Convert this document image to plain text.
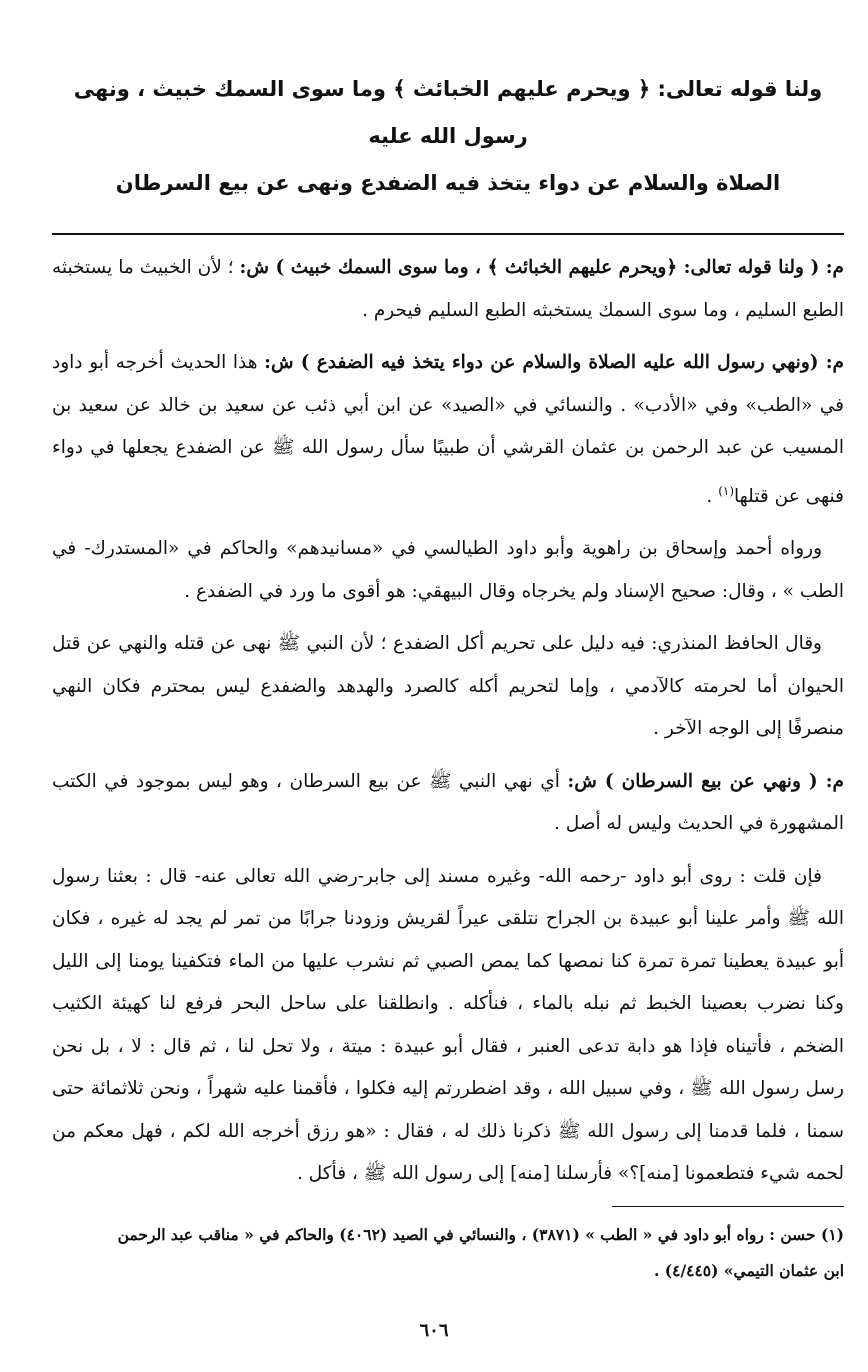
ولنا قوله تعالى: ﴿ ويحرم عليهم الخبائث ﴾ وما سوى السمك خبيث ، ونهى رسول الله عليه
الصلاة والسلام عن دواء يتخذ فيه الضفدع ونهى عن بيع السرطان

م: ( ولنا قوله تعالى: ﴿ويحرم عليهم الخبائث ﴾ ، وما سوى السمك خبيث ) ش: ؛ لأن الخبيث ما يستخبثه الطبع السليم ، وما سوى السمك يستخبثه الطبع السليم فيحرم .

م: (ونهي رسول الله عليه الصلاة والسلام عن دواء يتخذ فيه الضفدع ) ش: هذا الحديث أخرجه أبو داود في «الطب» وفي «الأدب» . والنسائي في «الصيد» عن ابن أبي ذئب عن سعيد بن خالد عن سعيد بن المسيب عن عبد الرحمن بن عثمان القرشي أن طبيبًا سأل رسول الله ﷺ عن الضفدع يجعلها في دواء فنهى عن قتلها$^{(١)}$ .

ورواه أحمد وإسحاق بن راهوية وأبو داود الطيالسي في «مسانيدهم» والحاكم في «المستدرك- في الطب » ، وقال: صحيح الإسناد ولم يخرجاه وقال البيهقي: هو أقوى ما ورد في الضفدع .

وقال الحافظ المنذري: فيه دليل على تحريم أكل الضفدع ؛ لأن النبي ﷺ نهى عن قتله والنهي عن قتل الحيوان أما لحرمته كالآدمي ، وإما لتحريم أكله كالصرد والهدهد والضفدع ليس بمحترم فكان النهي منصرفًا إلى الوجه الآخر .

م: ( ونهي عن بيع السرطان ) ش: أي نهي النبي ﷺ عن بيع السرطان ، وهو ليس بموجود في الكتب المشهورة في الحديث وليس له أصل .

فإن قلت : روى أبو داود -رحمه الله- وغيره مسند إلى جابر-رضي الله تعالى عنه- قال : بعثنا رسول الله ﷺ وأمر علينا أبو عبيدة بن الجراح نتلقى عيراً لقريش وزودنا جرابًا من تمر لم يجد له غيره ، فكان أبو عبيدة يعطينا تمرة تمرة كنا نمصها كما يمص الصبي ثم نشرب عليها من الماء فتكفينا يومنا إلى الليل وكنا نضرب بعصينا الخبط ثم نبله بالماء ، فنأكله . وانطلقنا على ساحل البحر فرفع لنا كهيئة الكثيب الضخم ، فأتيناه فإذا هو دابة تدعى العنبر ، فقال أبو عبيدة : ميتة ، ولا تحل لنا ، ثم قال : لا ، بل نحن رسل رسول الله ﷺ ، وفي سبيل الله ، وقد اضطررتم إليه فكلوا ، فأقمنا عليه شهراً ، ونحن ثلاثمائة حتى سمنا ، فلما قدمنا إلى رسول الله ﷺ ذكرنا ذلك له ، فقال : «هو رزق أخرجه الله لكم ، فهل معكم من لحمه شيء فتطعمونا [منه]؟» فأرسلنا [منه] إلى رسول الله ﷺ ، فأكل .

(١) حسن : رواه أبو داود في « الطب » (٣٨٧١) ، والنسائي في الصيد (٤٠٦٢) والحاكم في « مناقب عبد الرحمن

ابن عثمان التيمي» (٤/٤٤٥) .

٦٠٦
